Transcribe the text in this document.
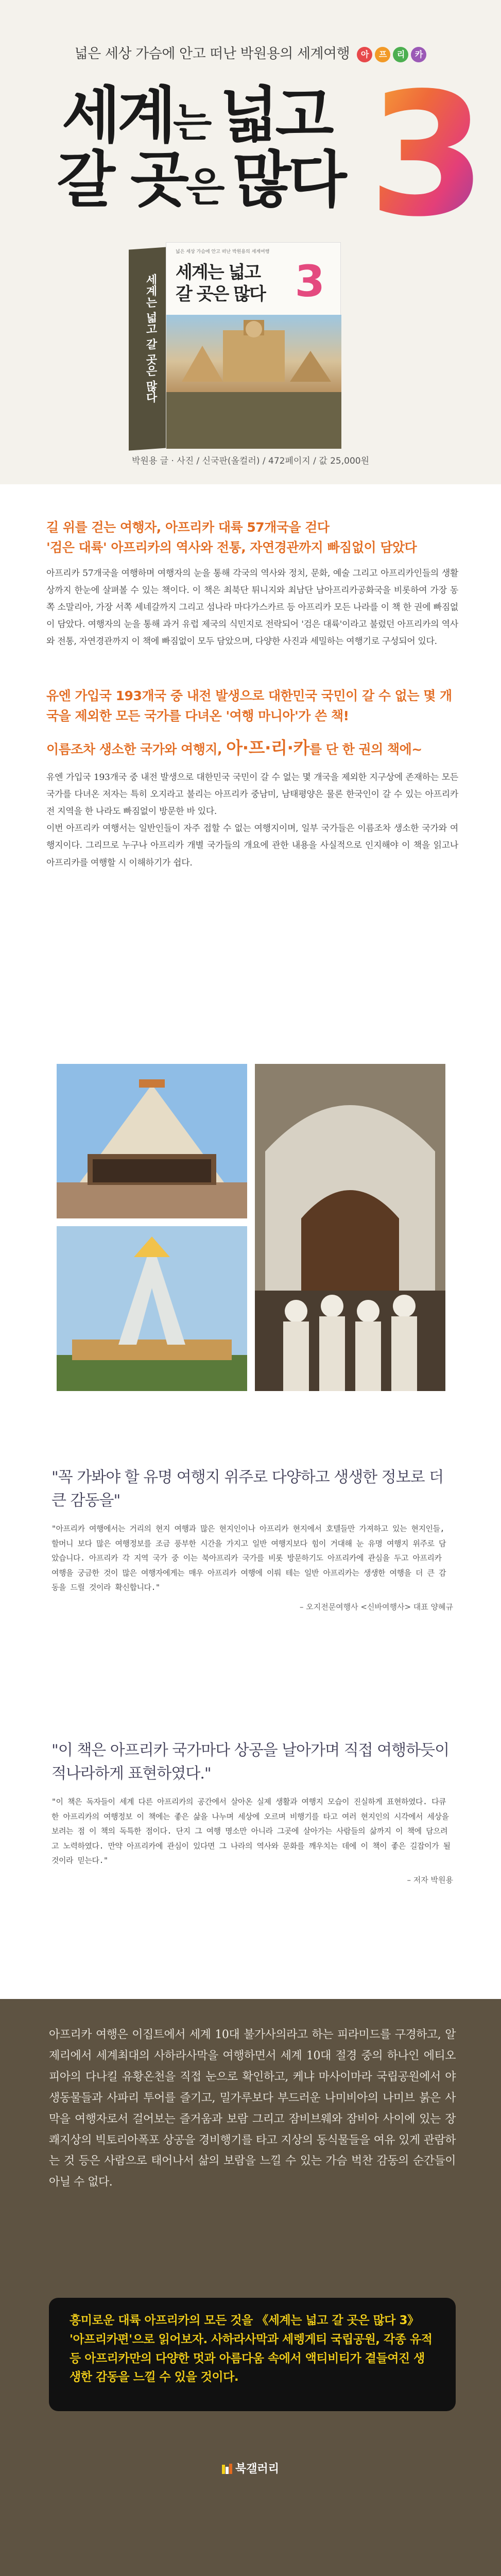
넓은 세상 가슴에 안고 떠난 박원용의 세계여행	아	프	리	카
세계는 넓고
갈 곳은 많다 3
세계는 넓고 갈 곳은 많다
넓은 세상 가슴에 안고 떠난 박원용의 세계여행
세계는 넓고
갈 곳은 많다 3
박원용 글 · 사진 / 신국판(올컬러) / 472페이지 / 값 25,000원
길 위를 걷는 여행자, 아프리카 대륙 57개국을 걷다
'검은 대륙' 아프리카의 역사와 전통, 자연경관까지 빠짐없이 담았다

아프리카 57개국을 여행하며 여행자의 눈을 통해 각국의 역사와 정치, 문화, 예술 그리고 아프리카인들의 생활상까지 한눈에 살펴볼 수 있는 책이다. 이 책은 최북단 튀니지와 최남단 남아프리카공화국을 비롯하여 가장 동쪽 소말리아, 가장 서쪽 세네갈까지 그리고 섬나라 마다가스카르 등 아프리카 모든 나라를 이 책 한 권에 빠짐없이 담았다. 여행자의 눈을 통해 과거 유럽 제국의 식민지로 전락되어 '검은 대륙'이라고 불렀던 아프리카의 역사와 전통, 자연경관까지 이 책에 빠짐없이 모두 담았으며, 다양한 사진과 세밀하는 여행기로 구성되어 있다.

유엔 가입국 193개국 중 내전 발생으로 대한민국 국민이 갈 수 없는 몇 개국을 제외한 모든 국가를 다녀온 '여행 마니아'가 쓴 책!
이름조차 생소한 국가와 여행지, 아·프·리·카를 단 한 권의 책에~

유엔 가입국 193개국 중 내전 발생으로 대한민국 국민이 갈 수 없는 몇 개국을 제외한 지구상에 존재하는 모든 국가를 다녀온 저자는 특히 오지라고 불리는 아프리카 중남미, 남태평양은 물론 한국인이 갈 수 있는 아프리카 전 지역을 한 나라도 빠짐없이 방문한 바 있다.

이번 아프리카 여행서는 일반인들이 자주 접할 수 없는 여행지이며, 일부 국가들은 이름조차 생소한 국가와 여행지이다. 그리므로 누구나 아프리카 개별 국가들의 개요에 관한 내용을 사실적으로 인지해야 이 책을 읽고나 아프리카를 여행할 시 이해하기가 쉽다.

"꼭 가봐야 할 유명 여행지 위주로 다양하고 생생한 정보로 더 큰 감동을"

"아프리카 여행에서는 거리의 현지 여행과 많은 현지인이나 아프리카 현지에서 호텔들만 가져하고 있는 현지인들, 할머니 보다 많은 여행정보를 조금 풍부한 시간을 가지고 일반 여행지보다 힘이 거대해 눈 유명 여행지 위주로 담았습니다. 아프리카 각 지역 국가 중 이는 북아프리카 국가를 비롯 방문하기도 아프리카에 관심을 두고 아프리카 여행을 궁금한 것이 많은 여행자에게는 매우 아프리카 여행에 이뤄 테는 일반 아프리카는 생생한 여행을 더 큰 감동을 드릴 것이라 확신합니다."

– 오지전문여행사 <신바여행사> 대표 양혜규
"이 책은 아프리카 국가마다 상공을 날아가며 직접 여행하듯이 적나라하게 표현하였다."

"이 책은 독자들이 세계 다른 아프리카의 공간에서 살아온 실제 생활과 여행지 모습이 진실하게 표현하였다. 다큐한 아프리카의 여행정보 이 책에는 좋은 삶을 나누며 세상에 오르며 비행기를 타고 여러 현지인의 시각에서 세상을 보려는 점 이 책의 독특한 점이다. 단지 그 여행 명소만 아니라 그곳에 살아가는 사람들의 삶까지 이 책에 담으려고 노력하였다. 만약 아프리카에 관심이 있다면 그 나라의 역사와 문화를 깨우치는 데에 이 책이 좋은 길잡이가 될 것이라 믿는다."

– 저자 박원용

아프리카 여행은 이집트에서 세계 10대 불가사의라고 하는 피라미드를 구경하고, 알제리에서 세계최대의 사하라사막을 여행하면서 세계 10대 절경 중의 하나인 에티오피아의 다나킬 유황온천을 직접 눈으로 확인하고, 케냐 마사이마라 국립공원에서 야생동물들과 사파리 투어를 즐기고, 밀가루보다 부드러운 나미비아의 나미브 붉은 사막을 여행자로서 걸어보는 즐거움과 보람 그리고 잠비브웨와 잠비아 사이에 있는 장쾌지상의 빅토리아폭포 상공을 경비행기를 타고 지상의 동식물들을 여유 있게 관람하는 것 등은 사람으로 태어나서 삶의 보람을 느낄 수 있는 가슴 벅찬 감동의 순간들이 아닐 수 없다.

흥미로운 대륙 아프리카의 모든 것을 《세계는 넓고 갈 곳은 많다 3》 '아프리카편'으로 읽어보자. 사하라사막과 세렝게티 국립공원, 각종 유적 등 아프리카만의 다양한 멋과 아름다움 속에서 액티비티가 곁들여진 생생한 감동을 느낄 수 있을 것이다.

북갤러리
